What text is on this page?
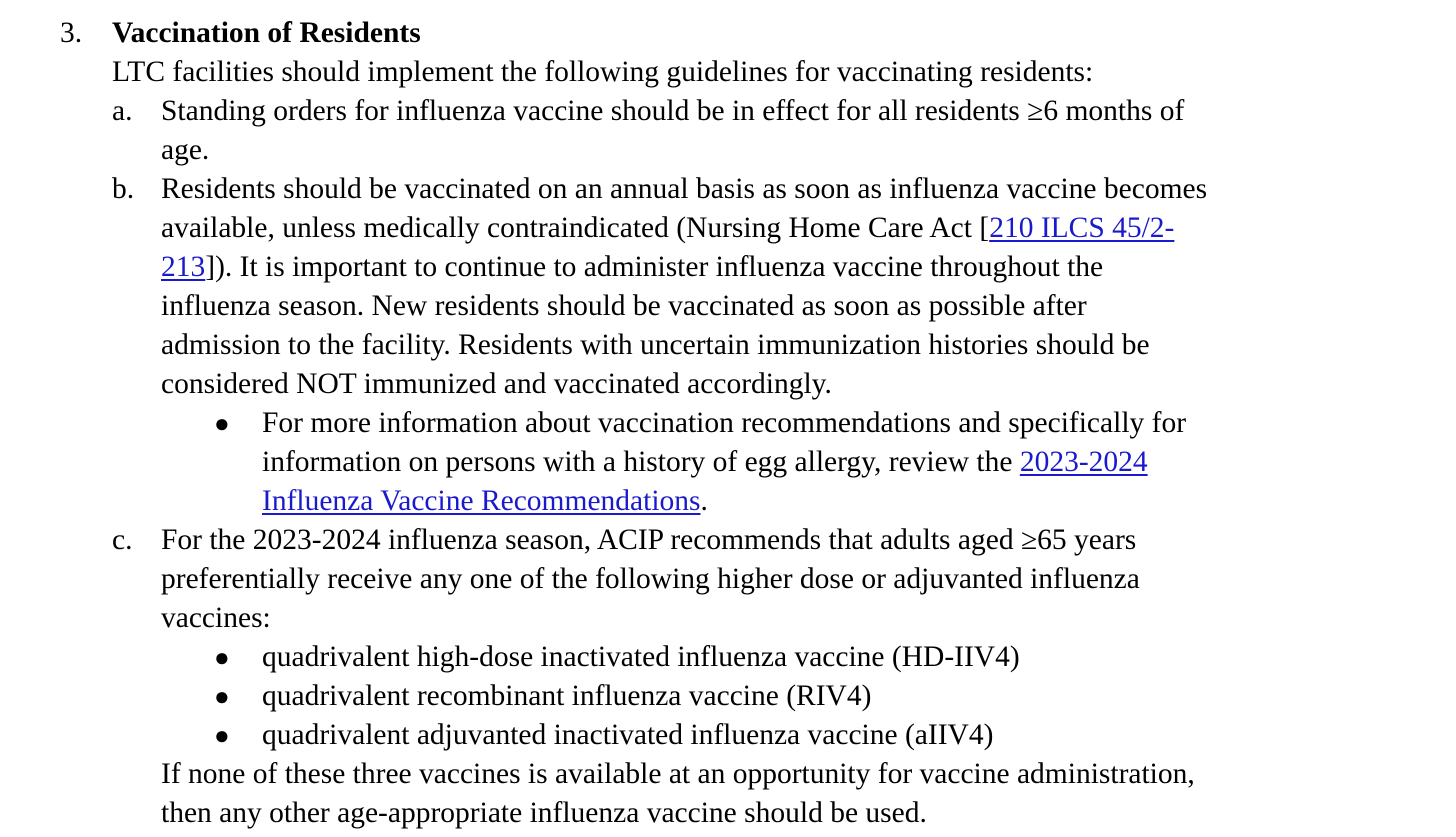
3. Vaccination of Residents
LTC facilities should implement the following guidelines for vaccinating residents:
a. Standing orders for influenza vaccine should be in effect for all residents ≥6 months of
age.
b. Residents should be vaccinated on an annual basis as soon as influenza vaccine becomes
available, unless medically contraindicated (Nursing Home Care Act [210 ILCS 45/2-
213]). It is important to continue to administer influenza vaccine throughout the
influenza season. New residents should be vaccinated as soon as possible after
admission to the facility. Residents with uncertain immunization histories should be
considered NOT immunized and vaccinated accordingly.
● For more information about vaccination recommendations and specifically for
information on persons with a history of egg allergy, review the 2023-2024
Influenza Vaccine Recommendations.
c. For the 2023-2024 influenza season, ACIP recommends that adults aged ≥65 years
preferentially receive any one of the following higher dose or adjuvanted influenza
vaccines:
● quadrivalent high-dose inactivated influenza vaccine (HD-IIV4)
● quadrivalent recombinant influenza vaccine (RIV4)
● quadrivalent adjuvanted inactivated influenza vaccine (aIIV4)
If none of these three vaccines is available at an opportunity for vaccine administration,
then any other age-appropriate influenza vaccine should be used.
